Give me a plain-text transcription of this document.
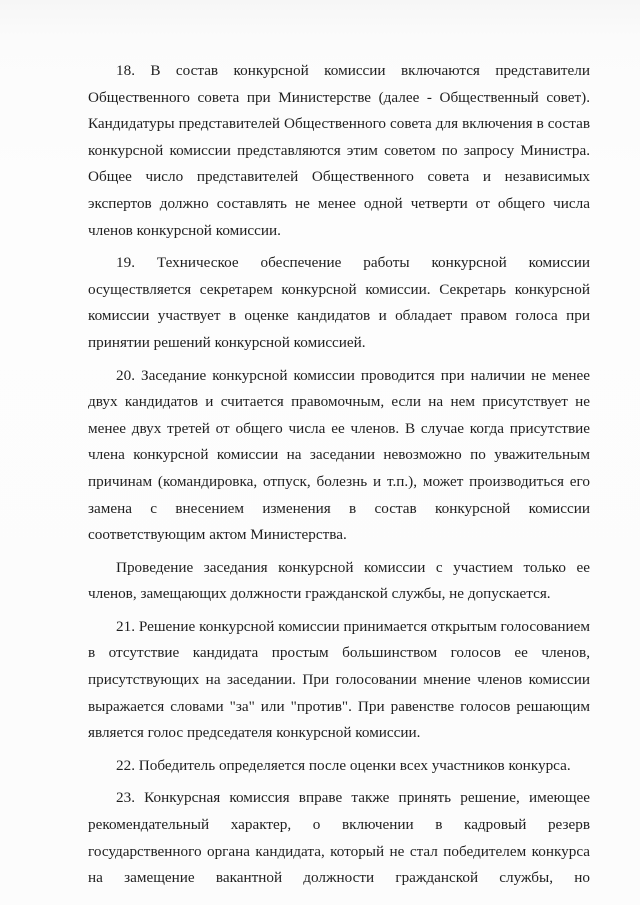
18. В состав конкурсной комиссии включаются представители Общественного совета при Министерстве (далее - Общественный совет). Кандидатуры представителей Общественного совета для включения в состав конкурсной комиссии представляются этим советом по запросу Министра. Общее число представителей Общественного совета и независимых экспертов должно составлять не менее одной четверти от общего числа членов конкурсной комиссии.

19. Техническое обеспечение работы конкурсной комиссии осуществляется секретарем конкурсной комиссии. Секретарь конкурсной комиссии участвует в оценке кандидатов и обладает правом голоса при принятии решений конкурсной комиссией.

20. Заседание конкурсной комиссии проводится при наличии не менее двух кандидатов и считается правомочным, если на нем присутствует не менее двух третей от общего числа ее членов. В случае когда присутствие члена конкурсной комиссии на заседании невозможно по уважительным причинам (командировка, отпуск, болезнь и т.п.), может производиться его замена с внесением изменения в состав конкурсной комиссии соответствующим актом Министерства.

Проведение заседания конкурсной комиссии с участием только ее членов, замещающих должности гражданской службы, не допускается.

21. Решение конкурсной комиссии принимается открытым голосованием в отсутствие кандидата простым большинством голосов ее членов, присутствующих на заседании. При голосовании мнение членов комиссии выражается словами "за" или "против". При равенстве голосов решающим является голос председателя конкурсной комиссии.

22. Победитель определяется после оценки всех участников конкурса.

23. Конкурсная комиссия вправе также принять решение, имеющее рекомендательный характер, о включении в кадровый резерв государственного органа кандидата, который не стал победителем конкурса на замещение вакантной должности гражданской службы, но
